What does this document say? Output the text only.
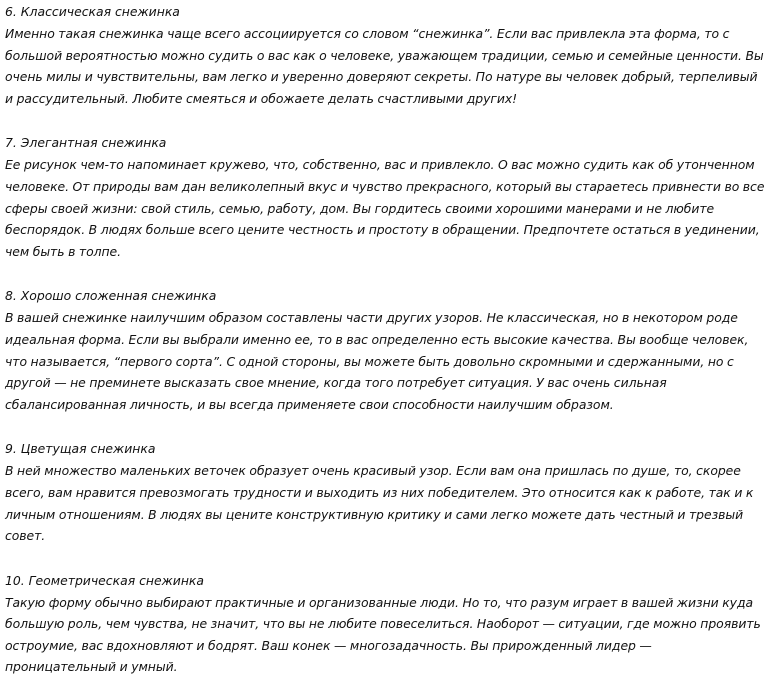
6. Классическая снежинка
Именно такая снежинка чаще всего ассоциируется со словом “снежинка”. Если вас привлекла эта форма, то с большой вероятностью можно судить о вас как о человеке, уважающем традиции, семью и семейные ценности. Вы очень милы и чувствительны, вам легко и уверенно доверяют секреты. По натуре вы человек добрый, терпеливый и рассудительный. Любите смеяться и обожаете делать счастливыми других!
7. Элегантная снежинка
Ее рисунок чем-то напоминает кружево, что, собственно, вас и привлекло. О вас можно судить как об утонченном человеке. От природы вам дан великолепный вкус и чувство прекрасного, который вы стараетесь привнести во все сферы своей жизни: свой стиль, семью, работу, дом. Вы гордитесь своими хорошими манерами и не любите беспорядок. В людях больше всего цените честность и простоту в обращении. Предпочтете остаться в уединении, чем быть в толпе.
8. Хорошо сложенная снежинка
В вашей снежинке наилучшим образом составлены части других узоров. Не классическая, но в некотором роде идеальная форма. Если вы выбрали именно ее, то в вас определенно есть высокие качества. Вы вообще человек, что называется, “первого сорта”. С одной стороны, вы можете быть довольно скромными и сдержанными, но с другой — не преминете высказать свое мнение, когда того потребует ситуация. У вас очень сильная сбалансированная личность, и вы всегда применяете свои способности наилучшим образом.
9. Цветущая снежинка
В ней множество маленьких веточек образует очень красивый узор. Если вам она пришлась по душе, то, скорее всего, вам нравится превозмогать трудности и выходить из них победителем. Это относится как к работе, так и к личным отношениям. В людях вы цените конструктивную критику и сами легко можете дать честный и трезвый совет.
10. Геометрическая снежинка
Такую форму обычно выбирают практичные и организованные люди. Но то, что разум играет в вашей жизни куда большую роль, чем чувства, не значит, что вы не любите повеселиться. Наоборот — ситуации, где можно проявить остроумие, вас вдохновляют и бодрят. Ваш конек — многозадачность. Вы прирожденный лидер — проницательный и умный.
